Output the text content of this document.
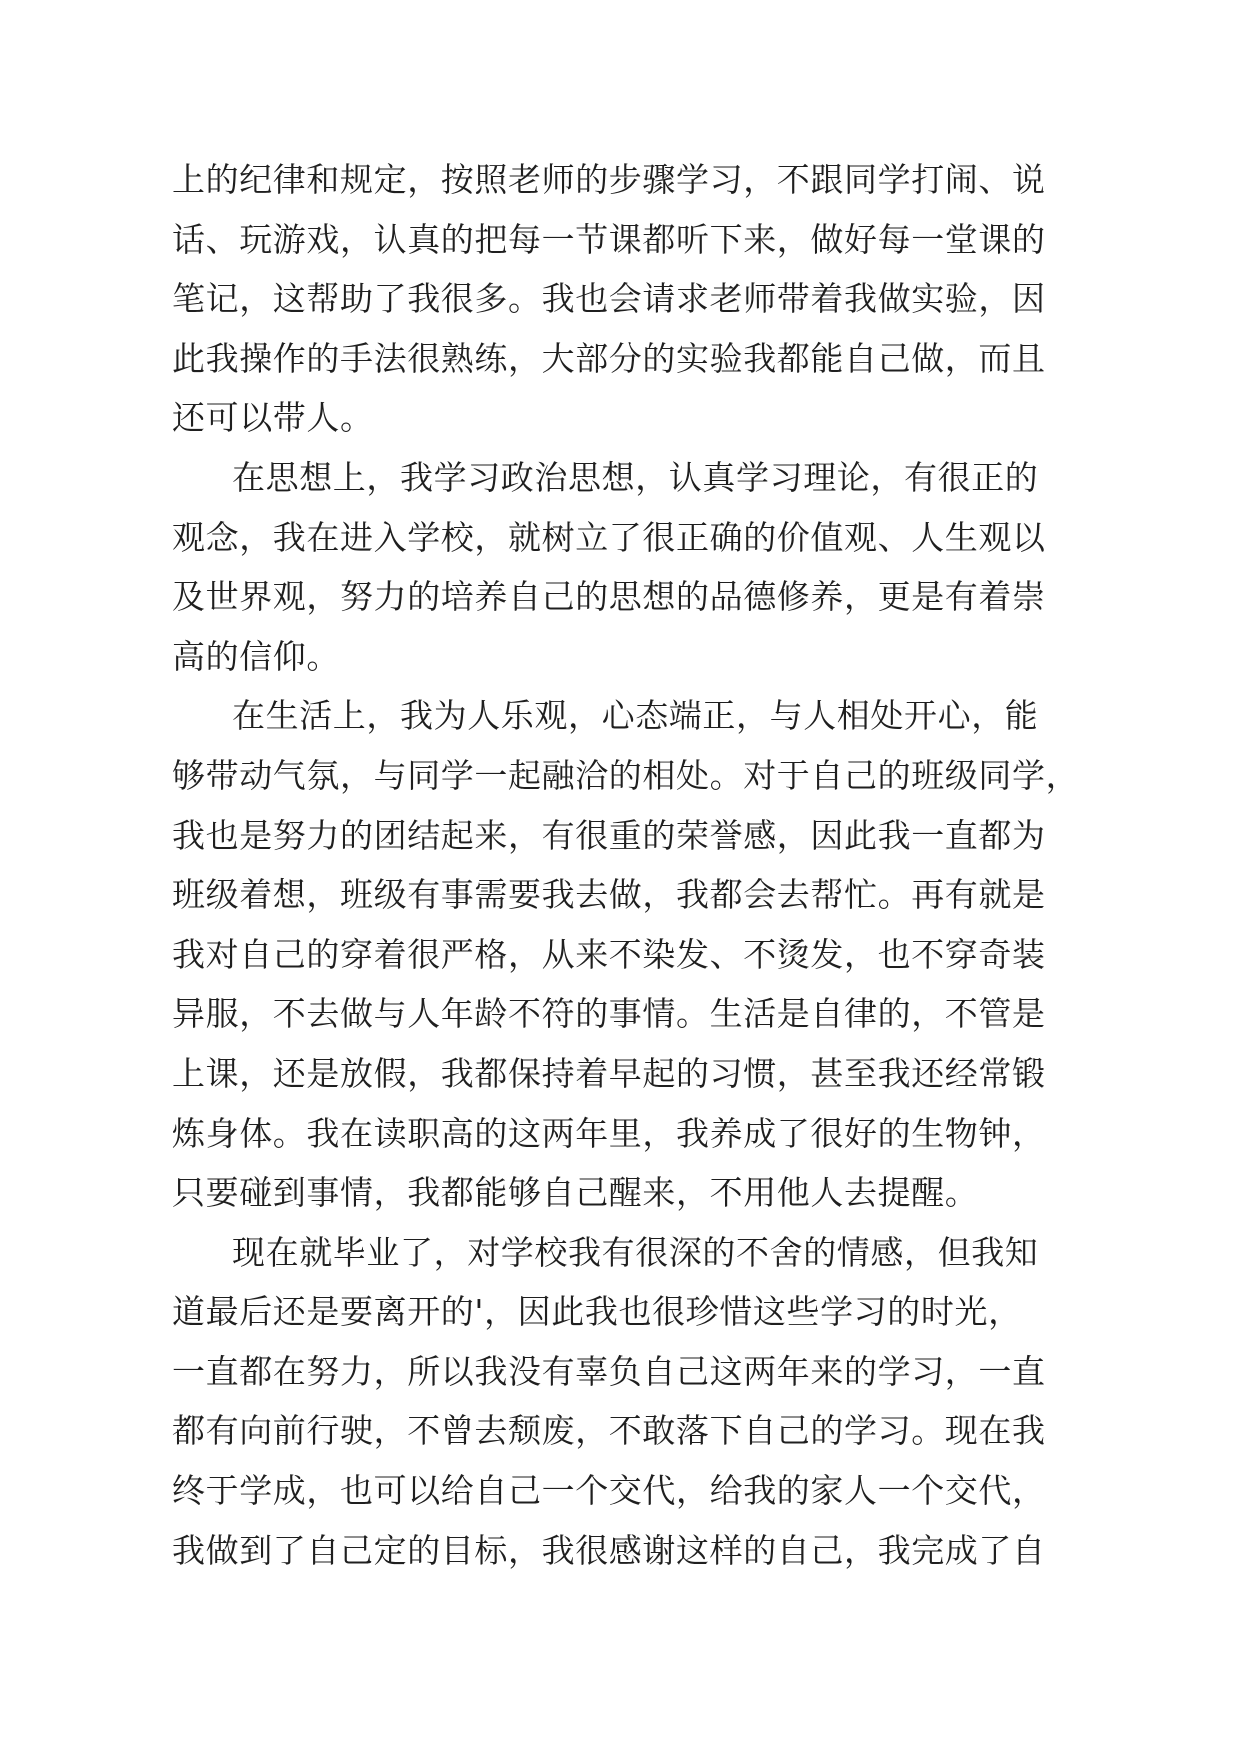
上的纪律和规定，按照老师的步骤学习，不跟同学打闹、说
话、玩游戏，认真的把每一节课都听下来，做好每一堂课的
笔记，这帮助了我很多。我也会请求老师带着我做实验，因
此我操作的手法很熟练，大部分的实验我都能自己做，而且
还可以带人。
在思想上，我学习政治思想，认真学习理论，有很正的
观念，我在进入学校，就树立了很正确的价值观、人生观以
及世界观，努力的培养自己的思想的品德修养，更是有着崇
高的信仰。
在生活上，我为人乐观，心态端正，与人相处开心，能
够带动气氛，与同学一起融洽的相处。对于自己的班级同学，
我也是努力的团结起来，有很重的荣誉感，因此我一直都为
班级着想，班级有事需要我去做，我都会去帮忙。再有就是
我对自己的穿着很严格，从来不染发、不烫发，也不穿奇装
异服，不去做与人年龄不符的事情。生活是自律的，不管是
上课，还是放假，我都保持着早起的习惯，甚至我还经常锻
炼身体。我在读职高的这两年里，我养成了很好的生物钟，
只要碰到事情，我都能够自己醒来，不用他人去提醒。
现在就毕业了，对学校我有很深的不舍的情感，但我知
道最后还是要离开的'，因此我也很珍惜这些学习的时光，
一直都在努力，所以我没有辜负自己这两年来的学习，一直
都有向前行驶，不曾去颓废，不敢落下自己的学习。现在我
终于学成，也可以给自己一个交代，给我的家人一个交代，
我做到了自己定的目标，我很感谢这样的自己，我完成了自
